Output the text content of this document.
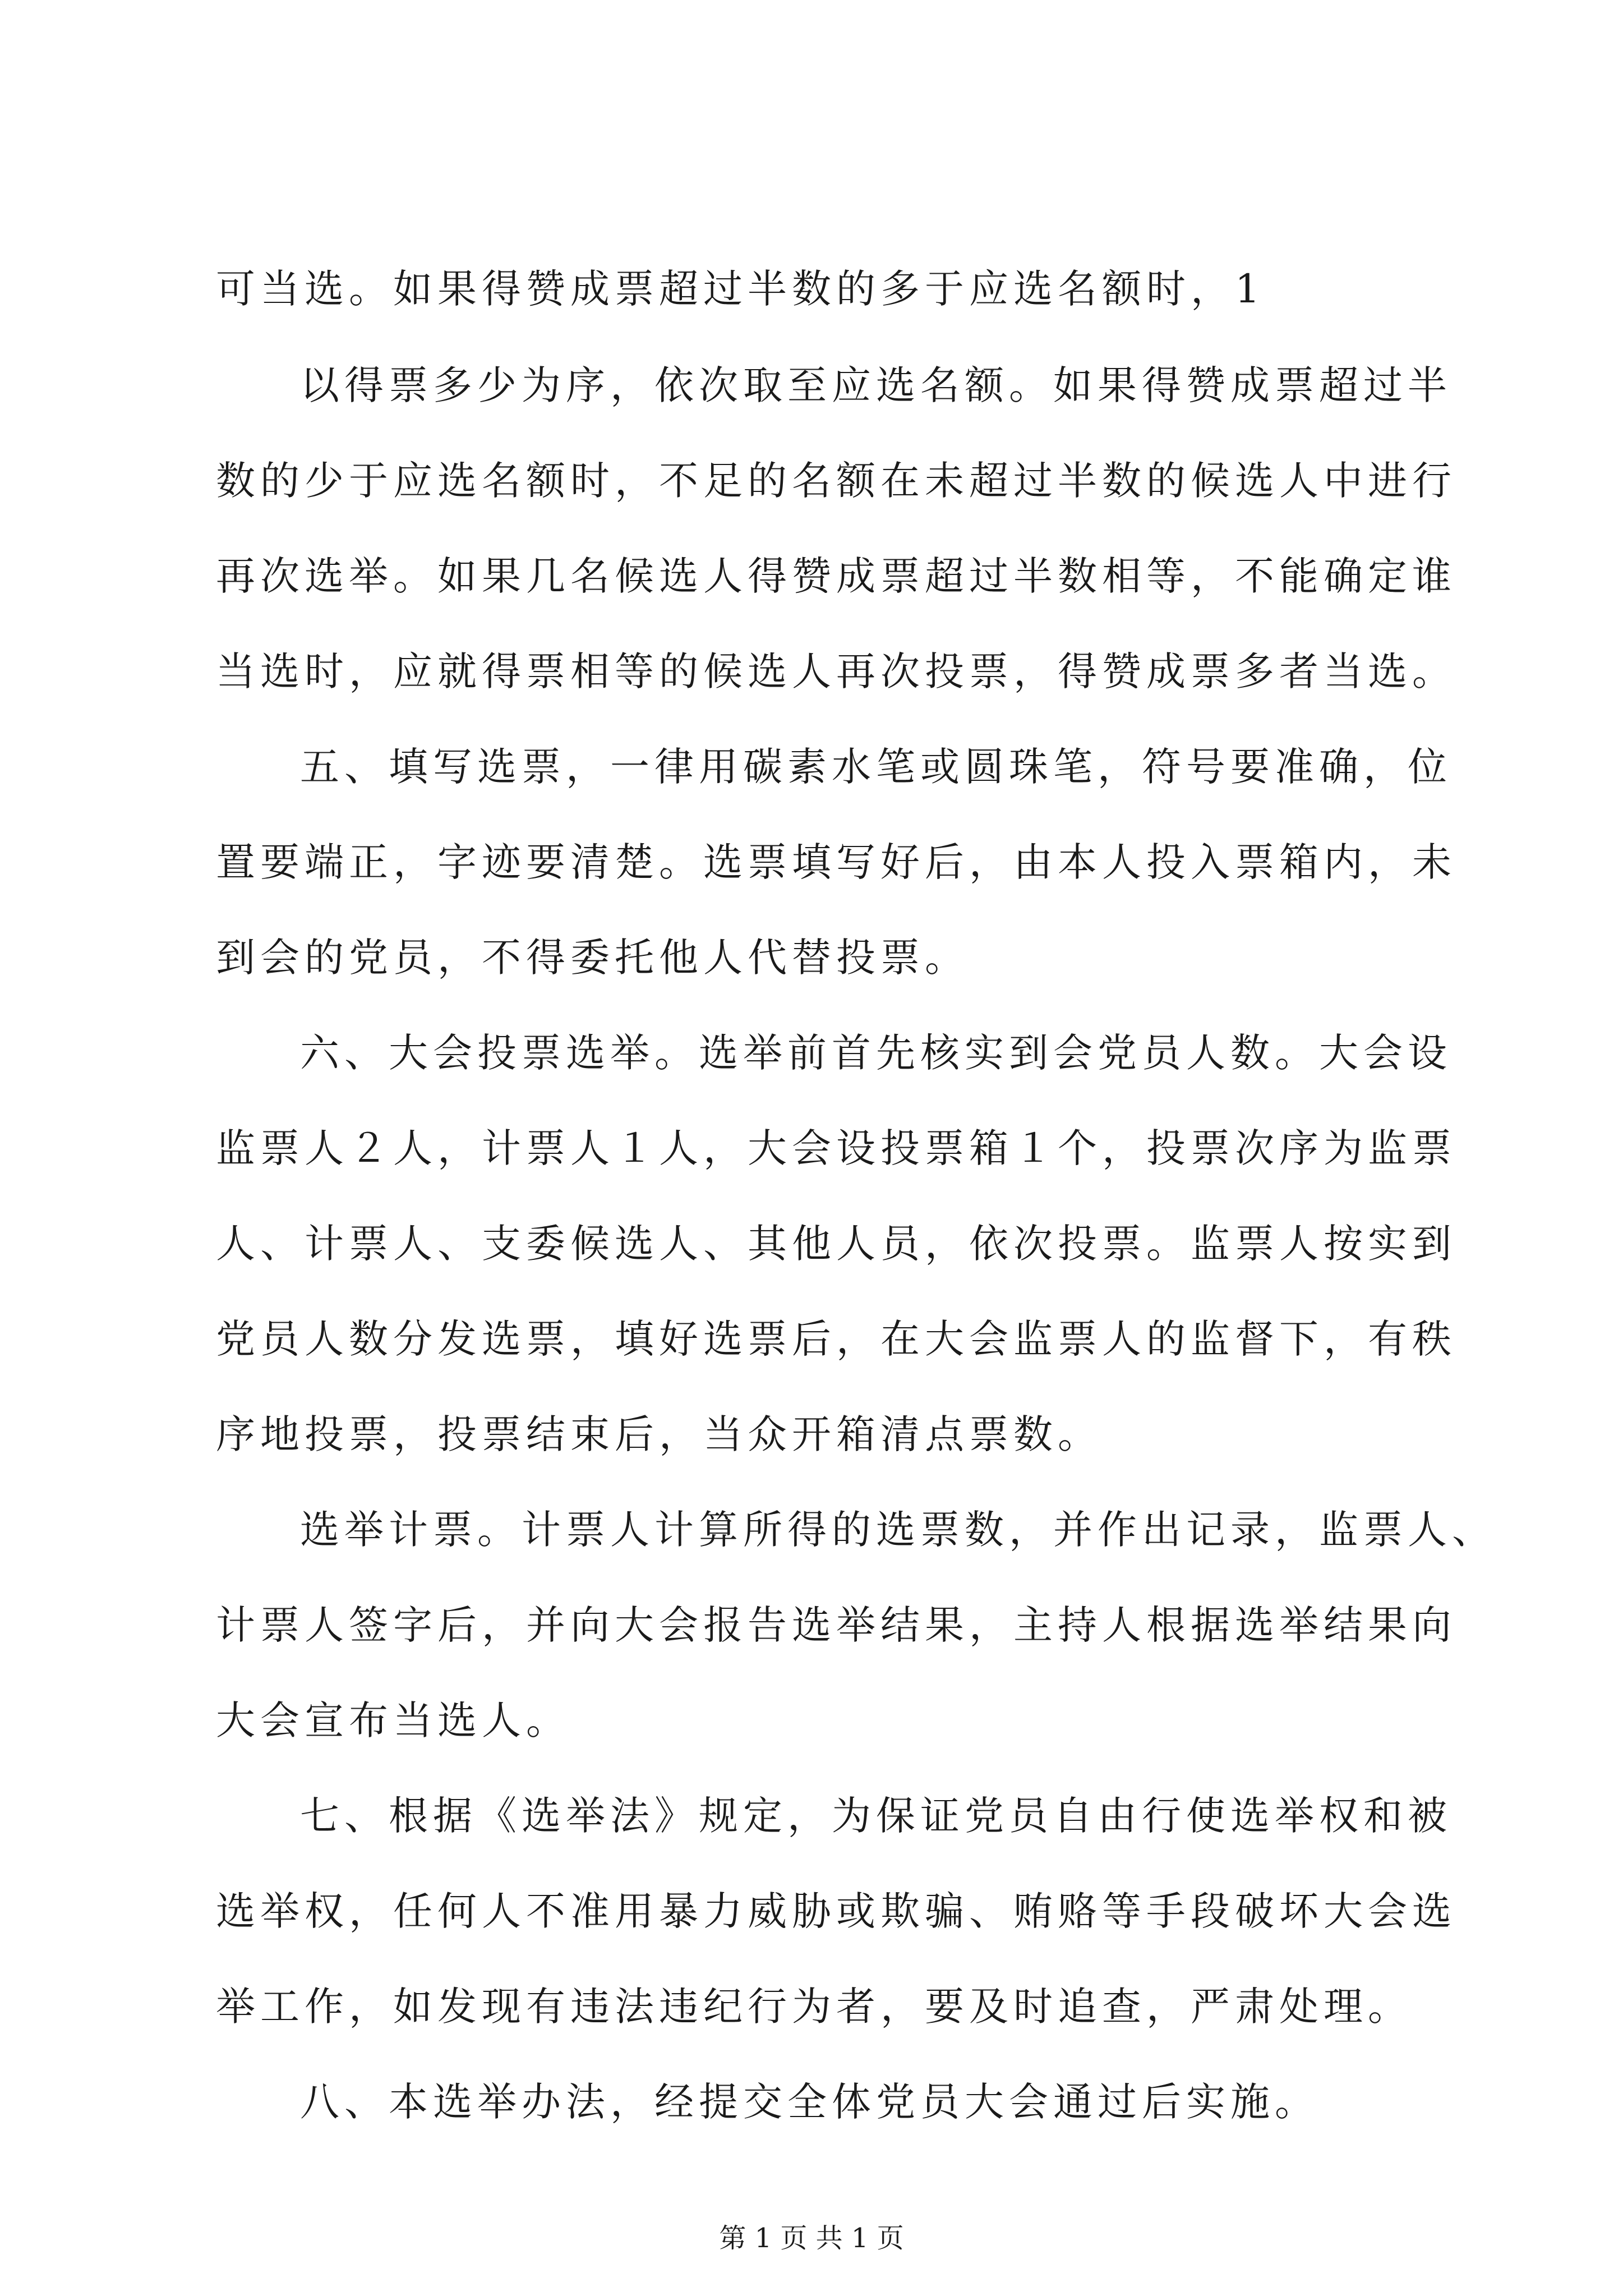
可当选。如果得赞成票超过半数的多于应选名额时，1
以得票多少为序，依次取至应选名额。如果得赞成票超过半
数的少于应选名额时，不足的名额在未超过半数的候选人中进行
再次选举。如果几名候选人得赞成票超过半数相等，不能确定谁
当选时，应就得票相等的候选人再次投票，得赞成票多者当选。
五、填写选票，一律用碳素水笔或圆珠笔，符号要准确，位
置要端正，字迹要清楚。选票填写好后，由本人投入票箱内，未
到会的党员，不得委托他人代替投票。
六、大会投票选举。选举前首先核实到会党员人数。大会设
监票人２人，计票人１人，大会设投票箱１个，投票次序为监票
人、计票人、支委候选人、其他人员，依次投票。监票人按实到
党员人数分发选票，填好选票后，在大会监票人的监督下，有秩
序地投票，投票结束后，当众开箱清点票数。
选举计票。计票人计算所得的选票数，并作出记录，监票人、
计票人签字后，并向大会报告选举结果，主持人根据选举结果向
大会宣布当选人。
七、根据《选举法》规定，为保证党员自由行使选举权和被
选举权，任何人不准用暴力威胁或欺骗、贿赂等手段破坏大会选
举工作，如发现有违法违纪行为者，要及时追查，严肃处理。
八、本选举办法，经提交全体党员大会通过后实施。
第 1 页 共 1 页
